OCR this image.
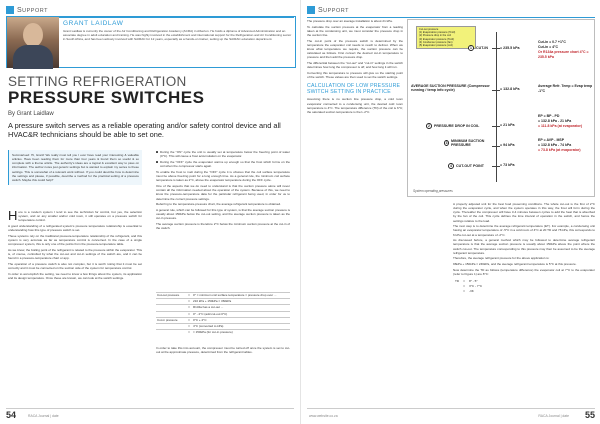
SUPPORT
GRANT LAIDLAW
Grant Laidlaw is currently the owner of the Air Conditioning and Refrigeration Academy (ACRA) in Alberton. He holds a diploma of Advanced Administration and an associate degree in adult education and training. He was highly involved in the establishment and international support for the Refrigeration and Air Conditioning sector in South Africa, and has been actively involved with SAIRAC for 12 years, especially as a hands-on trainer, setting up the SAIRAC education department.
SETTING REFRIGERATION
PRESSURE SWITCHES
By Grant Laidlaw
A pressure switch serves as a reliable operating and/or safety control device and all HVAC&R technicians should be able to set one.
Summarised: Hi, Grant! We really must tell you I ever have read your interesting & valuable articles. Have been reading them for more than four years & found them so useful & so complete with a theme article. The authority's ideas are a logical & excellent way to pass on information. The author notes just generic settings but is wanted to explain my series to these settings. This is somewhat of a relevant work without. If you could describe how to determine the settings and please, if possible, describe a method for the practical setting of a pressure switch. Maybe this could help?
Here is a modern system I tend to see the technician for control, but yes, the selection system, and on any smaller and/or cold room, it still operates on a pressure switch for temperature control.
A good understanding of a refrigerated system's pressure temperature relationship is essential to understanding how this type of pressure switch is set.
These systems rely on the traditional pressure-temperature relationship of the refrigerant, and this system is very accurate as far as temperature control is concerned. In the case of a single compressor system, this is only one of the points from the pressure-temperature table.
As we know, the boiling point of the refrigerant is related to the pressure within the evaporator. This is, of course, controlled by what the cut-out and cut-in settings of the switch are, and it can be found in a pressure-temperature chart or app.
The operation of a pressure switch is also not complex, but it is worth noting that it must be set correctly and it must be connected on the suction side of the system for temperature control.
In order to accomplish the setting, we need to know a few things about the system, its application and its design temperature. Once these are known, we can look at the switch settings.
During the "ON" cycle the unit is usually set at temperature below the freezing point of water (0°C). This will cause a frost accumulation on the evaporator.
During the "OFF" cycle the evaporator warms up enough so that the frost which forms on the coil when the compressor starts again.
To enable the frost to melt during the "OFF" cycle it is obvious that the coil surface temperature must be above freezing point for a long enough time. As a general rule, the minimum coil surface temperature is taken as 2°C, above the evaporator temperature during the OFF cycle.
One of the aspects that we do need to understand is that the suction pressure alone will never contain all the information needed about the operation of the system. Because of this, we need to know the pressure-temperature data for the particular refrigerant being used, in order for us to determine the correct pressure settings.
Referring to the temperature-pressure chart, the average refrigerant temperature is obtained.
A general rule, which can be followed for this type of system, is that the average suction pressure is usually about 150kPa below the cut-out setting, and the average suction pressure is taken as the cut-in pressure.
The average suction pressure is therefore 2°C below the minimum suction pressure at the cut-in of the switch.
Cut-out pressure	=	0° = minimum coil surface temperature = pressure drop over ...
	=	210 kPa + 150kPa = 360kPa
	=	R134a has a cut-out ...
	=	0° - 2°C (add cut-out 0°C)
Cut-in pressure	=	0°C + 2°C
	=	4°C (converted to kPa)
	=	= 150kPa (for cut-in pressure)
In order to take this into account, the compressor must be turned off once the system is set to cut-out at the approximate pressure, determined from the refrigerant tables.
54	RACA Journal | date
SUPPORT
The pressure drop over an average installation is about 21 kPa.
To calculate the suction pressure at the evaporator from a reading taken at the condensing unit, we must consider the pressure drop in the suction line.
The cut-in point of the pressure switch is determined by the temperature the evaporator coil needs to reach to defrost. When we know what temperature we require, the suction pressure can be calculated as follows. First convert the desired cut-in temperature to pressure and then add the pressure drop.
The differential between the "cut-out" and "cut-in" settings in the switch determines how long the compressor is off, and how long it will run.
Converting this temperature to pressure will give us the starting point of the switch. These values are then used to set the switch settings.
CALCULATION OF LOW PRESSURE SWITCH SETTING IN PRACTICE
Assuming there is no suction line pressure drop, a cold room evaporator connected to a condensing unit, the desired cold room temperature is 4°C. The temperature difference (TD) of the coil is 6°C; the saturated suction temperature is then -2°C.
Cut-out pressure
(1) Evaporation pressure (Tcoil)
(2) Pressure drop in the coil
(3) Evaporator pressure (Tcoil)
(4) Condenser pressure (fan)
(5) Evaporator pressure (coil)
1	CUT-IN	= 235.5 kPa
AVERAGE SUCTION PRESSURE (Compressor running / temp info cycle)	= 132.8 kPa
2	PRESSURE DROP IN COIL	= 21 kPa
3 MINIMUM SUCTION PRESSURE	= 94 kPa
4	CUT-OUT POINT	= 73 kPa
Cut-in = 0.7 +1°C
Cut-in = 4°C
Or R134a pressure chart 4°C = 235.5 kPa
Average Refr. Temp = Evap temp -1°C
EP = BP - PD
= 132.8 kPa - 21 kPa
= 111.8 kPa (at evaporator)
EP = AVP - MSP
= 132.8 kPa - 74 kPa
= 73.8 kPa (at evaporator)
System operating pressures
A properly adjusted unit for the best food preserving conditions. The whole cut-out is the first of 2°C during the evaporator cycle, and when the system operates in this way, the frost will form during the cycle. Thereafter the compressor will have 3-4 minutes between cycles to add the heat that is absorbed by the fan of the coil. This cycle defines the time interval of operation in the switch, and hence the settings relative to the load.
The next step is to determine the average refrigerant temperature (ET). For example, a condensing unit having an evaporator temperature of -5°C in a cold room of 4°C at 20 TD and 78 kPa, this corresponds to 6 kPa cut-out at a temperature of -2°C.
As discussed before, a general method which may be followed to determine average refrigerant temperature is that the average suction pressure is usually about 150kPa above the point where the switch cut-out. The temperature corresponding to this pressure may then be assumed to be the average refrigerant temperature.
Therefore, the average refrigerant pressure for the above application is:
96kPa + 150kPa = 246kPa, and the average refrigerant temperature is 5°C at this pressure.
Now determine the TD as follows (temperature difference) the evaporator coil at 7°C to the evaporator (refer to Figure 1) are 8°C:
TD	=	8° - 5°
	=	3°C - 7°C
	=	-3K
www.website.co.za	RACA Journal | date 55
